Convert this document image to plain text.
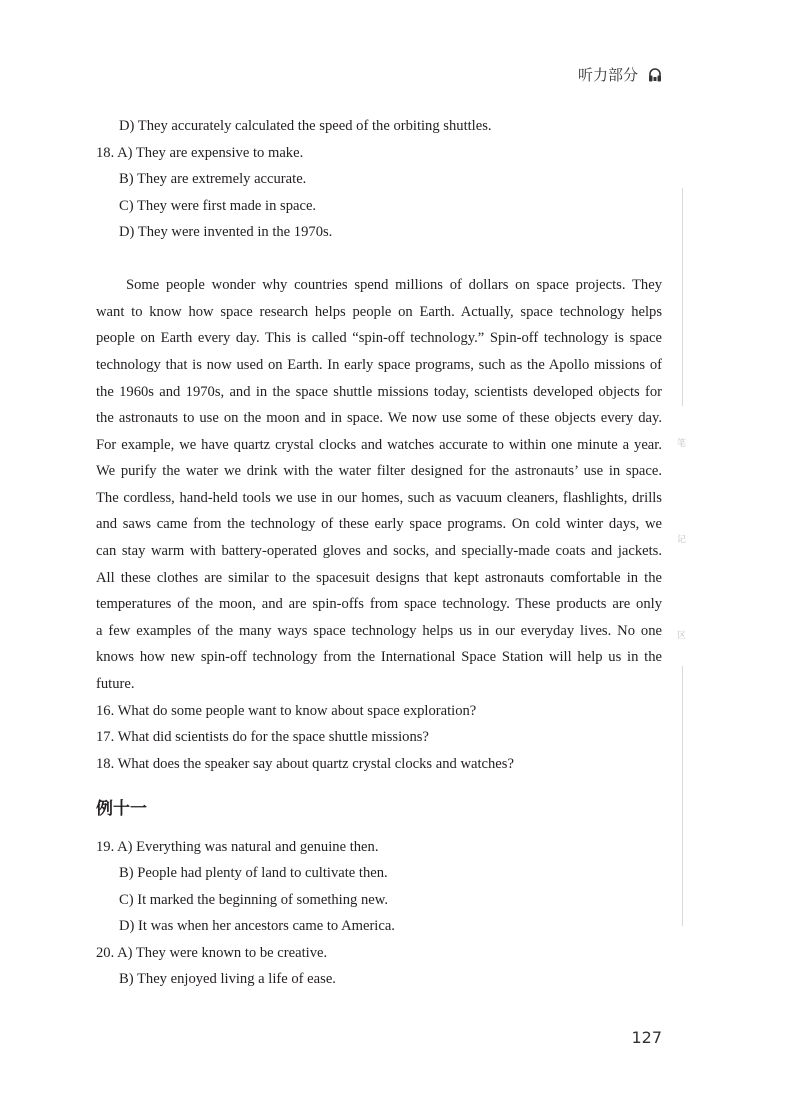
听力部分
D) They accurately calculated the speed of the orbiting shuttles.
18. A) They are expensive to make.
B) They are extremely accurate.
C) They were first made in space.
D) They were invented in the 1970s.
Some people wonder why countries spend millions of dollars on space projects. They
want to know how space research helps people on Earth. Actually, space technology helps
people on Earth every day. This is called “spin-off technology.” Spin-off technology is space
technology that is now used on Earth. In early space programs, such as the Apollo missions of
the 1960s and 1970s, and in the space shuttle missions today, scientists developed objects for
the astronauts to use on the moon and in space. We now use some of these objects every day.
For example, we have quartz crystal clocks and watches accurate to within one minute a year.
We purify the water we drink with the water filter designed for the astronauts’ use in space.
The cordless, hand-held tools we use in our homes, such as vacuum cleaners, flashlights, drills
and saws came from the technology of these early space programs. On cold winter days, we
can stay warm with battery-operated gloves and socks, and specially-made coats and jackets.
All these clothes are similar to the spacesuit designs that kept astronauts comfortable in the
temperatures of the moon, and are spin-offs from space technology. These products are only
a few examples of the many ways space technology helps us in our everyday lives. No one
knows how new spin-off technology from the International Space Station will help us in the
future.
16. What do some people want to know about space exploration?
17. What did scientists do for the space shuttle missions?
18. What does the speaker say about quartz crystal clocks and watches?
例十一
19. A) Everything was natural and genuine then.
B) People had plenty of land to cultivate then.
C) It marked the beginning of something new.
D) It was when her ancestors came to America.
20. A) They were known to be creative.
B) They enjoyed living a life of ease.
笔
记
区
127
